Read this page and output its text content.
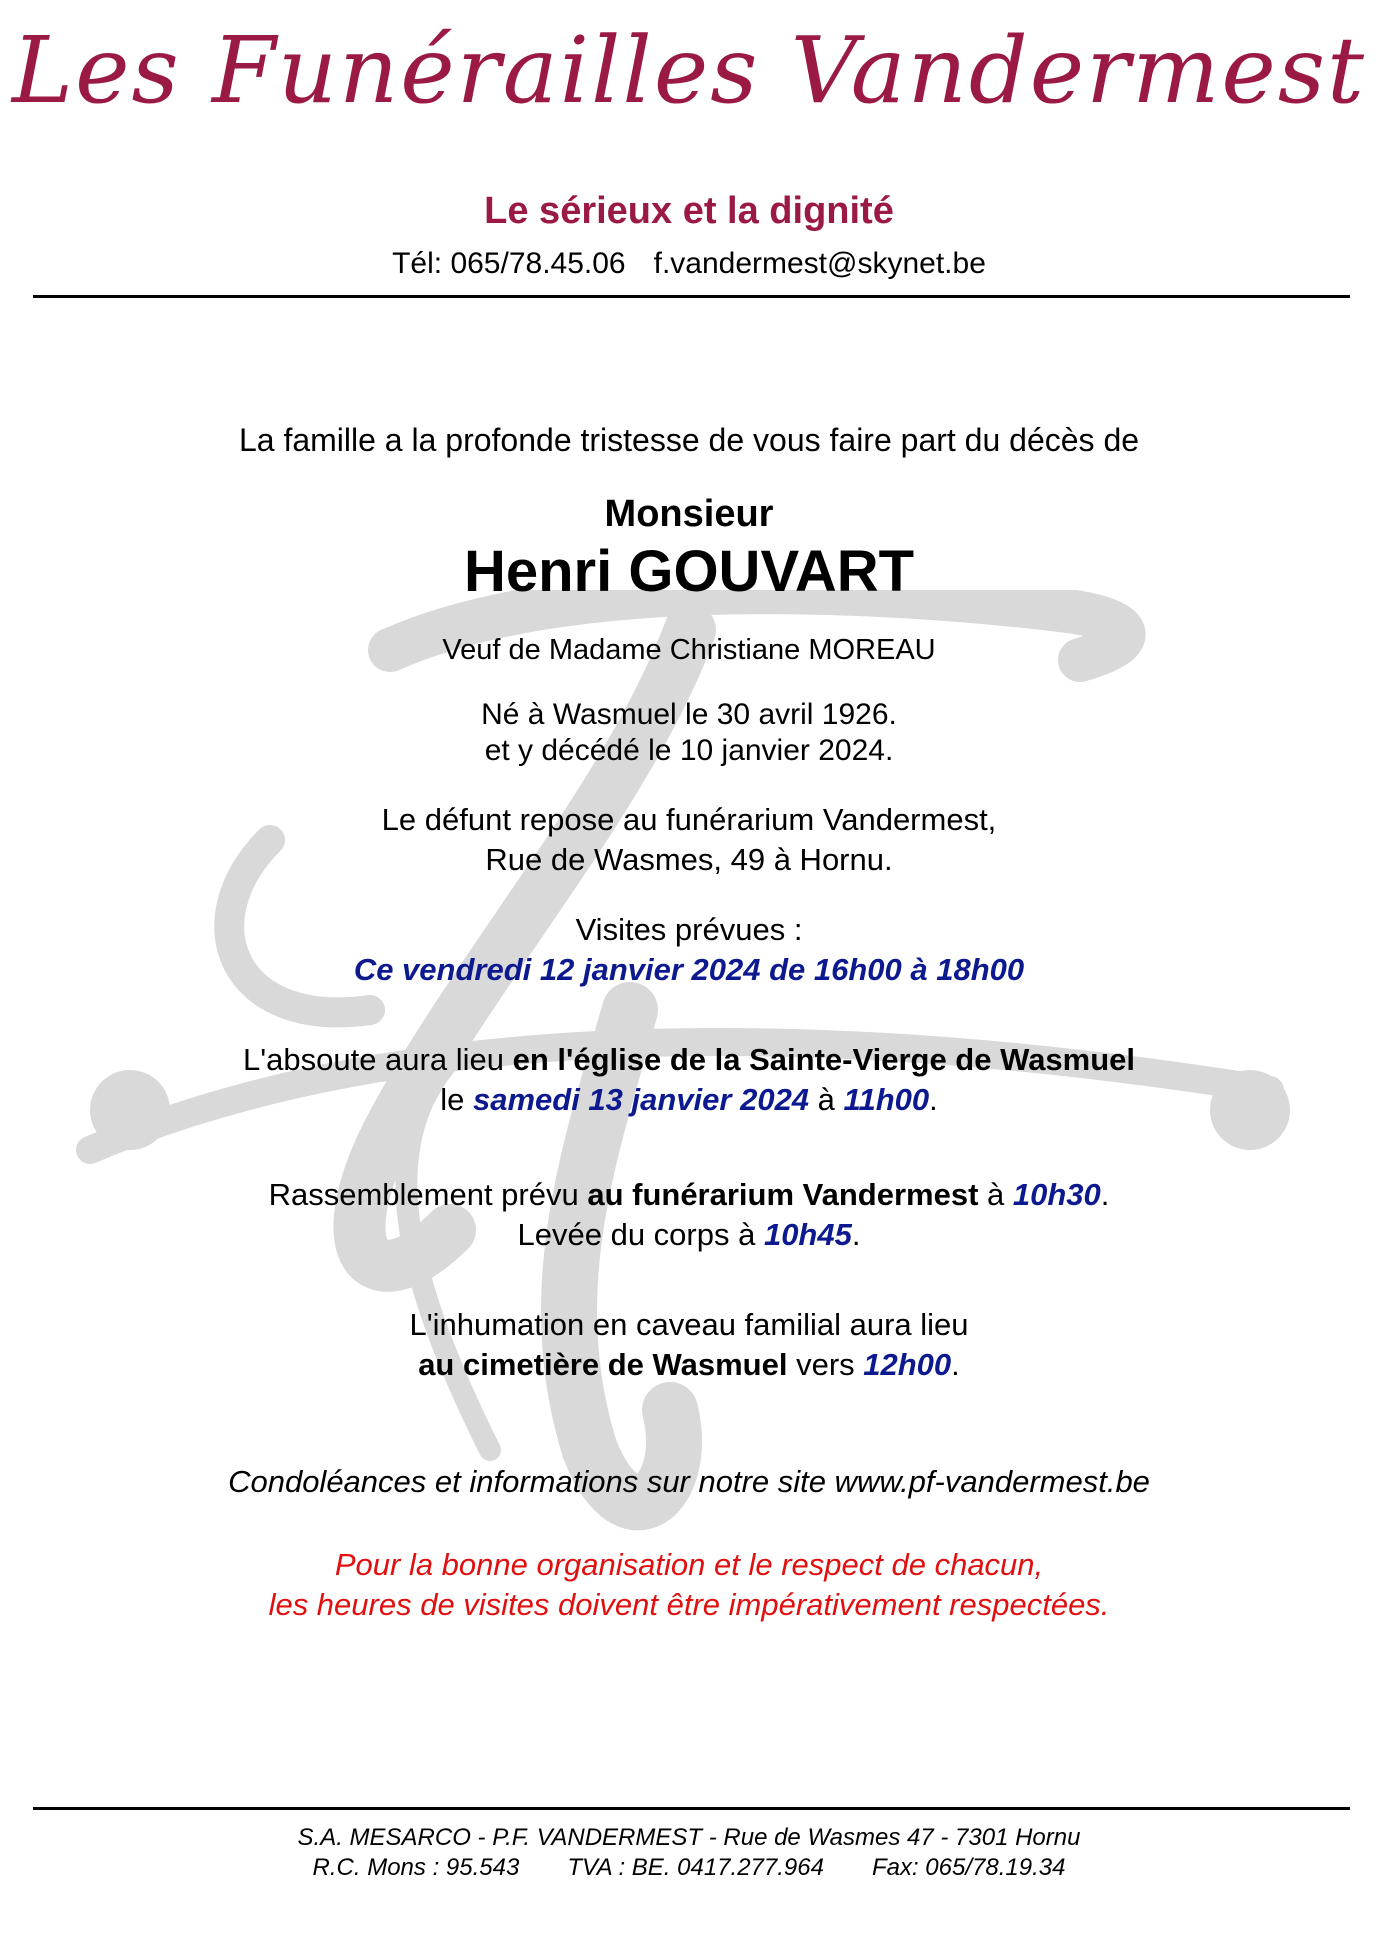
Les Funérailles Vandermest
Le sérieux et la dignité
Tél: 065/78.45.06 f.vandermest@skynet.be
La famille a la profonde tristesse de vous faire part du décès de
Monsieur
Henri GOUVART
Veuf de Madame Christiane MOREAU
Né à Wasmuel le 30 avril 1926.
et y décédé le 10 janvier 2024.
Le défunt repose au funérarium Vandermest,
Rue de Wasmes, 49 à Hornu.
Visites prévues :
Ce vendredi 12 janvier 2024 de 16h00 à 18h00
L'absoute aura lieu en l'église de la Sainte-Vierge de Wasmuel
le samedi 13 janvier 2024 à 11h00.
Rassemblement prévu au funérarium Vandermest à 10h30.
Levée du corps à 10h45.
L'inhumation en caveau familial aura lieu
au cimetière de Wasmuel vers 12h00.
Condoléances et informations sur notre site www.pf-vandermest.be
Pour la bonne organisation et le respect de chacun,
les heures de visites doivent être impérativement respectées.
S.A. MESARCO - P.F. VANDERMEST - Rue de Wasmes 47 - 7301 Hornu
R.C. Mons : 95.543 TVA : BE. 0417.277.964 Fax: 065/78.19.34
